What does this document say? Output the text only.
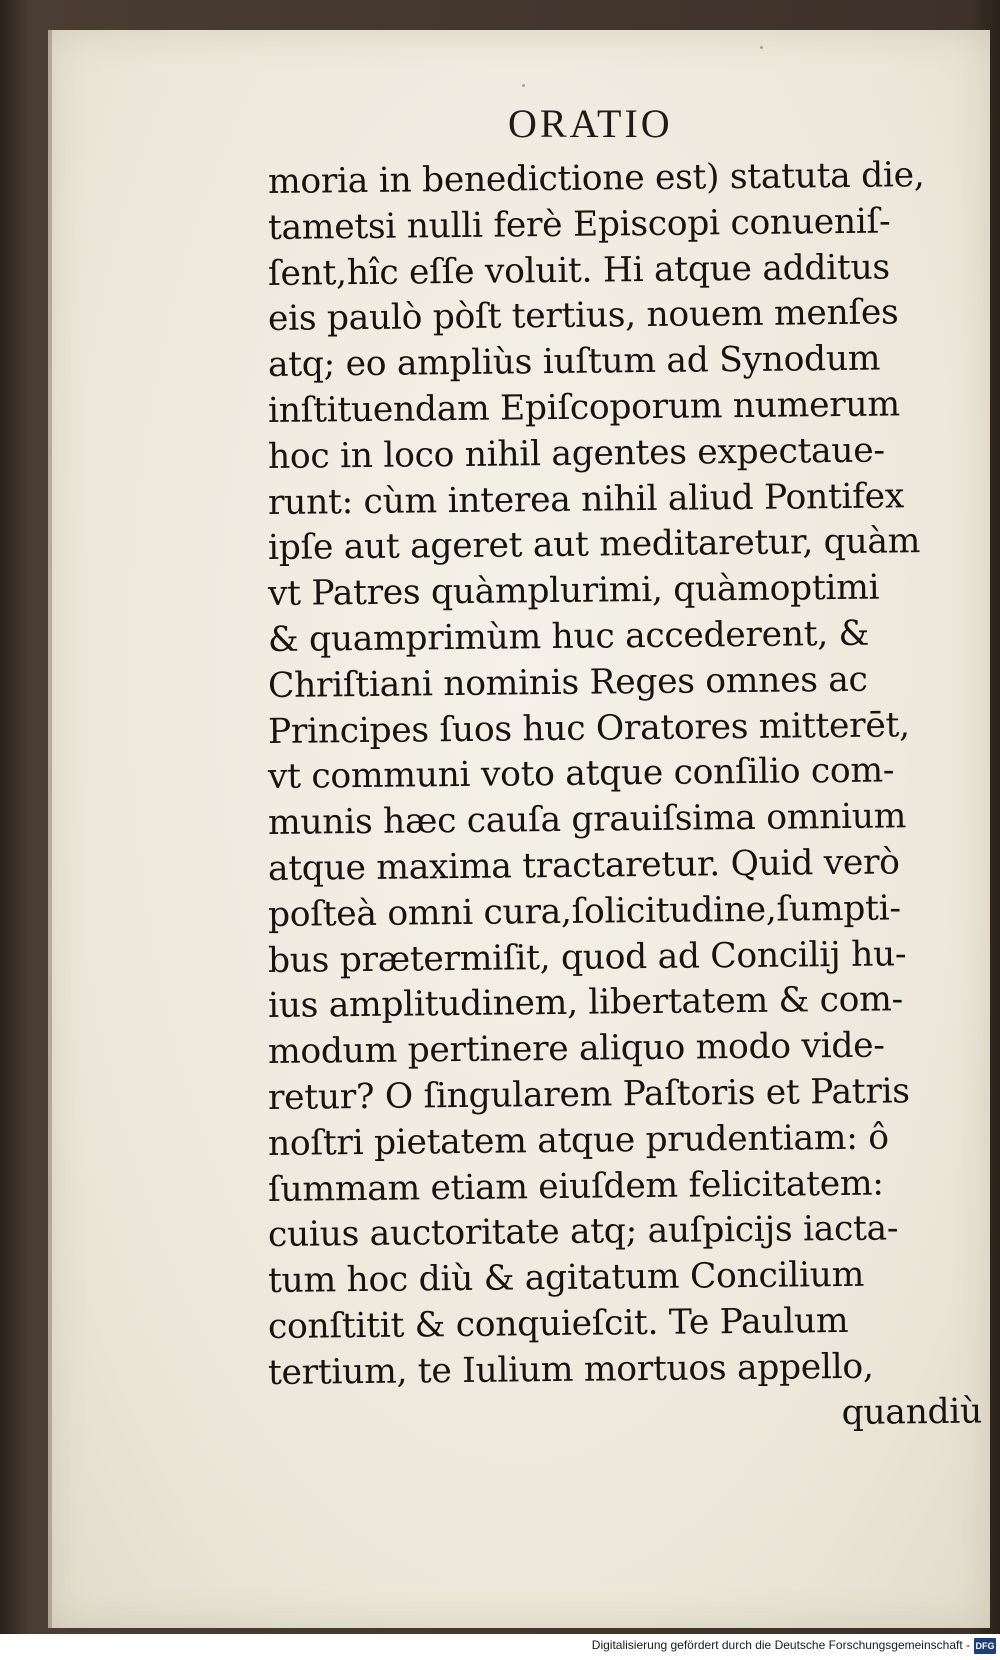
ORATIO
moria in benedictione est) statuta die,
tametsi nulli ferè Episcopi conueniſ-
ſent,hîc eſſe voluit. Hi atque additus
eis paulò pòſt tertius, nouem menſes
atq; eo ampliùs iuſtum ad Synodum
inſtituendam Epiſcoporum numerum
hoc in loco nihil agentes expectaue-
runt: cùm interea nihil aliud Pontifex
ipſe aut ageret aut meditaretur, quàm
vt Patres quàmplurimi, quàmoptimi
& quamprimùm huc accederent, &
Chriſtiani nominis Reges omnes ac
Principes ſuos huc Oratores mitterēt,
vt communi voto atque conſilio com-
munis hæc cauſa grauiſsima omnium
atque maxima tractaretur. Quid verò
poſteà omni cura,ſolicitudine,ſumpti-
bus prætermiſit, quod ad Concilij hu-
ius amplitudinem, libertatem & com-
modum pertinere aliquo modo vide-
retur? O ſingularem Paſtoris et Patris
noſtri pietatem atque prudentiam: ô
ſummam etiam eiuſdem felicitatem:
cuius auctoritate atq; auſpicijs iacta-
tum hoc diù & agitatum Concilium
conſtitit & conquieſcit. Te Paulum
tertium, te Iulium mortuos appello,
quandiù
Digitalisierung gefördert durch die Deutsche Forschungsgemeinschaft - DFG
